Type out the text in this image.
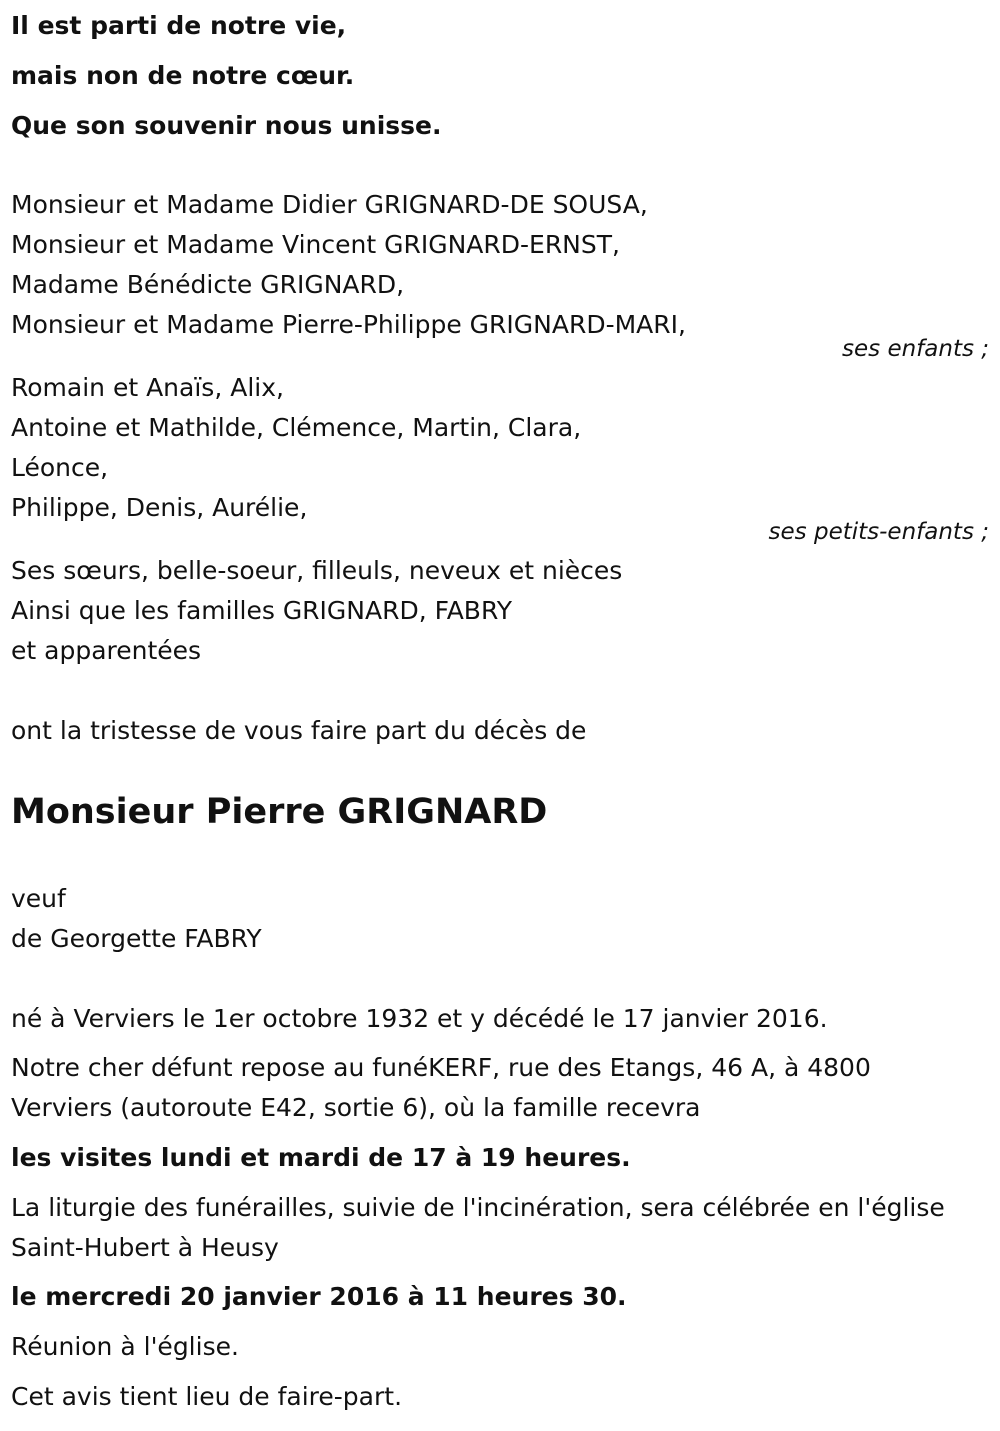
Il est parti de notre vie,

mais non de notre cœur.

Que son souvenir nous unisse.

Monsieur et Madame Didier GRIGNARD-DE SOUSA,

Monsieur et Madame Vincent GRIGNARD-ERNST,

Madame Bénédicte GRIGNARD,

Monsieur et Madame Pierre-Philippe GRIGNARD-MARI,

ses enfants ;

Romain et Anaïs, Alix,

Antoine et Mathilde, Clémence, Martin, Clara,

Léonce,

Philippe, Denis, Aurélie,

ses petits-enfants ;

Ses sœurs, belle-soeur, filleuls, neveux et nièces

Ainsi que les familles GRIGNARD, FABRY

et apparentées

ont la tristesse de vous faire part du décès de

Monsieur Pierre GRIGNARD

veuf

de Georgette FABRY

né à Verviers le 1er octobre 1932 et y décédé le 17 janvier 2016.

Notre cher défunt repose au funéKERF, rue des Etangs, 46 A, à 4800

Verviers (autoroute E42, sortie 6), où la famille recevra

les visites lundi et mardi de 17 à 19 heures.

La liturgie des funérailles, suivie de l'incinération, sera célébrée en l'église

Saint-Hubert à Heusy

le mercredi 20 janvier 2016 à 11 heures 30.

Réunion à l'église.

Cet avis tient lieu de faire-part.
